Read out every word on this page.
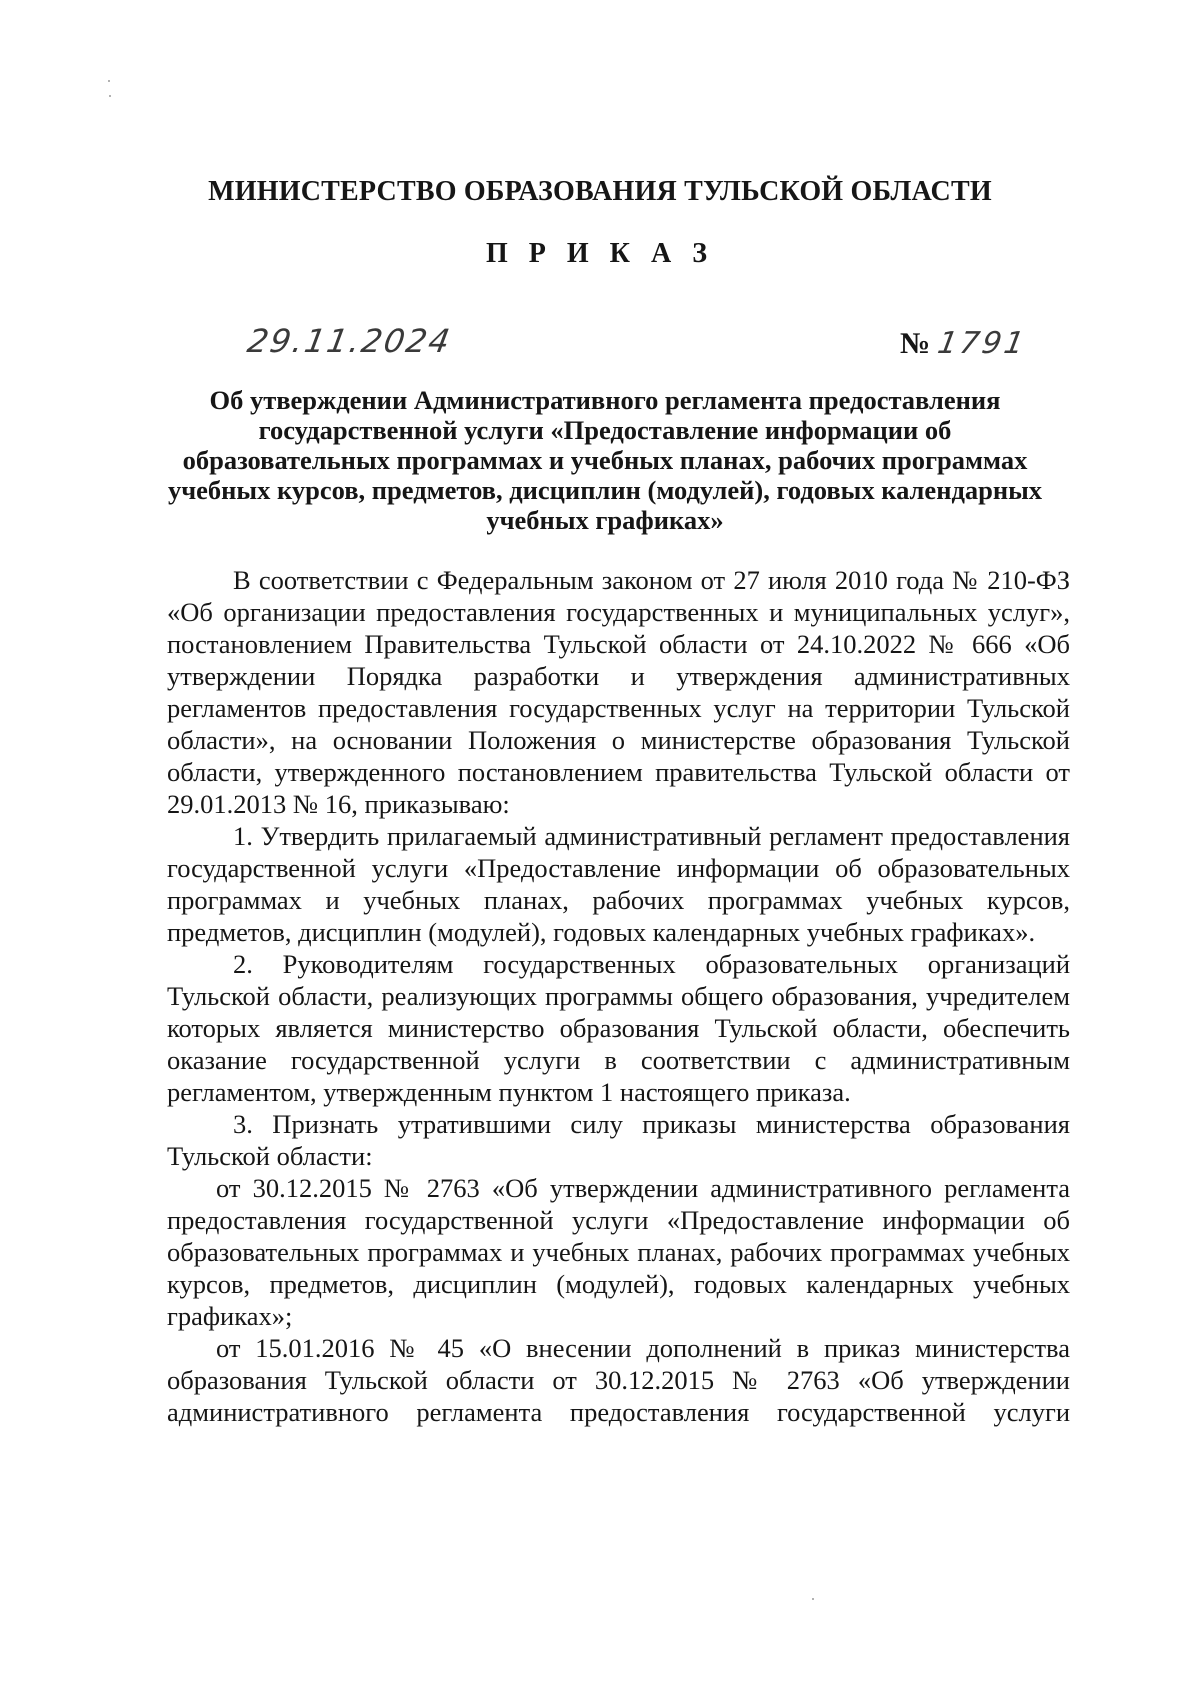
МИНИСТЕРСТВО ОБРАЗОВАНИЯ ТУЛЬСКОЙ ОБЛАСТИ
П Р И К А З
29.11.2024	№ 1791
Об утверждении Административного регламента предоставления государственной услуги «Предоставление информации об образовательных программах и учебных планах, рабочих программах учебных курсов, предметов, дисциплин (модулей), годовых календарных учебных графиках»

В соответствии с Федеральным законом от 27 июля 2010 года № 210-ФЗ «Об организации предоставления государственных и муниципальных услуг», постановлением Правительства Тульской области от 24.10.2022 № 666 «Об утверждении Порядка разработки и утверждения административных регламентов предоставления государственных услуг на территории Тульской области», на основании Положения о министерстве образования Тульской области, утвержденного постановлением правительства Тульской области от 29.01.2013 № 16, приказываю:

1. Утвердить прилагаемый административный регламент предоставления государственной услуги «Предоставление информации об образовательных программах и учебных планах, рабочих программах учебных курсов, предметов, дисциплин (модулей), годовых календарных учебных графиках».

2. Руководителям государственных образовательных организаций Тульской области, реализующих программы общего образования, учредителем которых является министерство образования Тульской области, обеспечить оказание государственной услуги в соответствии с административным регламентом, утвержденным пунктом 1 настоящего приказа.

3. Признать утратившими силу приказы министерства образования Тульской области:

от 30.12.2015 № 2763 «Об утверждении административного регламента предоставления государственной услуги «Предоставление информации об образовательных программах и учебных планах, рабочих программах учебных курсов, предметов, дисциплин (модулей), годовых календарных учебных графиках»;

от 15.01.2016 № 45 «О внесении дополнений в приказ министерства образования Тульской области от 30.12.2015 № 2763 «Об утверждении административного регламента предоставления государственной услуги
